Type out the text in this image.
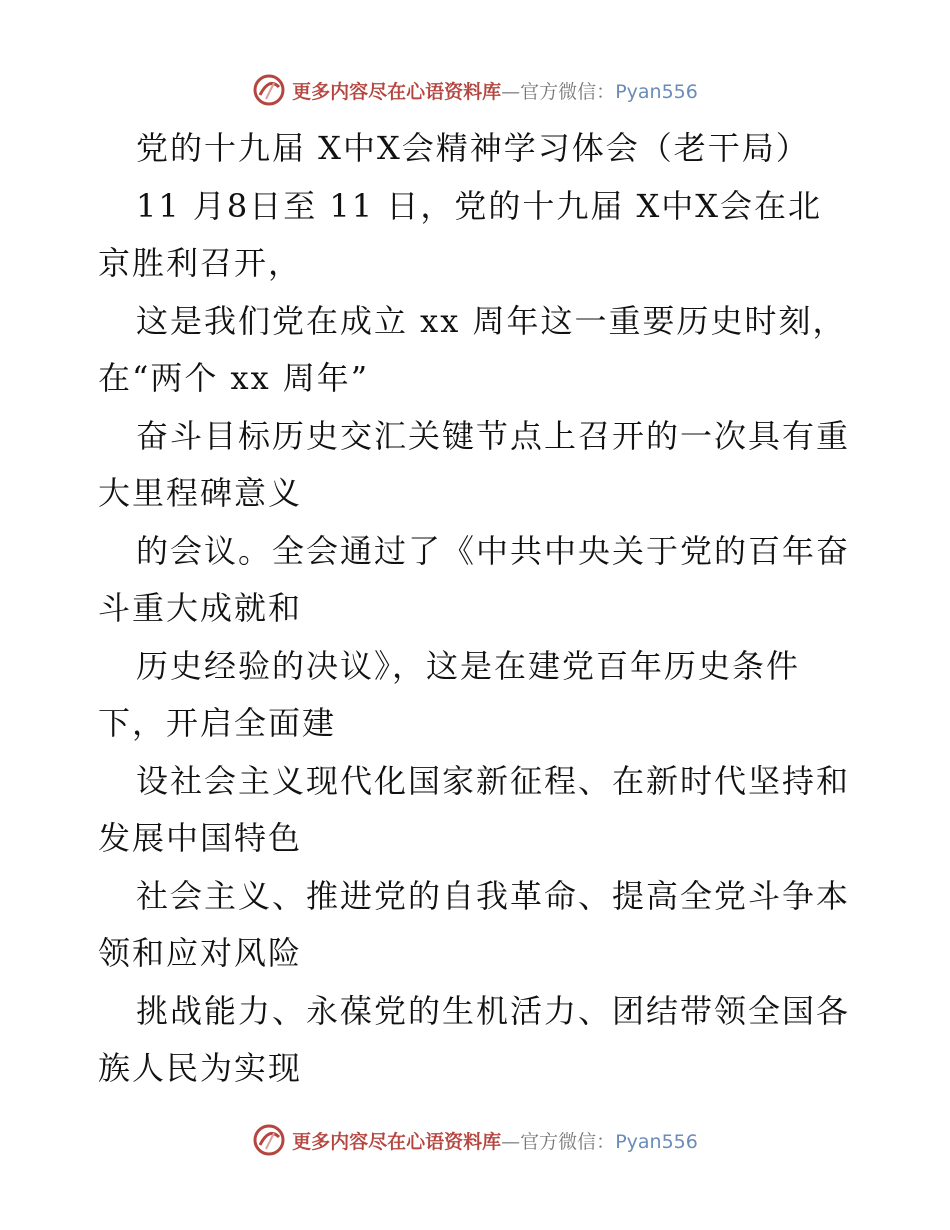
更多内容尽在心语资料库—官方微信：Pyan556
党的十九届 X中X会精神学习体会（老干局）
11 月8日至 11 日，党的十九届 X中X会在北
京胜利召开，
这是我们党在成立 xx 周年这一重要历史时刻，
在“两个 xx 周年”
奋斗目标历史交汇关键节点上召开的一次具有重
大里程碑意义
的会议。全会通过了《中共中央关于党的百年奋
斗重大成就和
历史经验的决议》，这是在建党百年历史条件
下，开启全面建
设社会主义现代化国家新征程、在新时代坚持和
发展中国特色
社会主义、推进党的自我革命、提高全党斗争本
领和应对风险
挑战能力、永葆党的生机活力、团结带领全国各
族人民为实现
更多内容尽在心语资料库—官方微信：Pyan556
